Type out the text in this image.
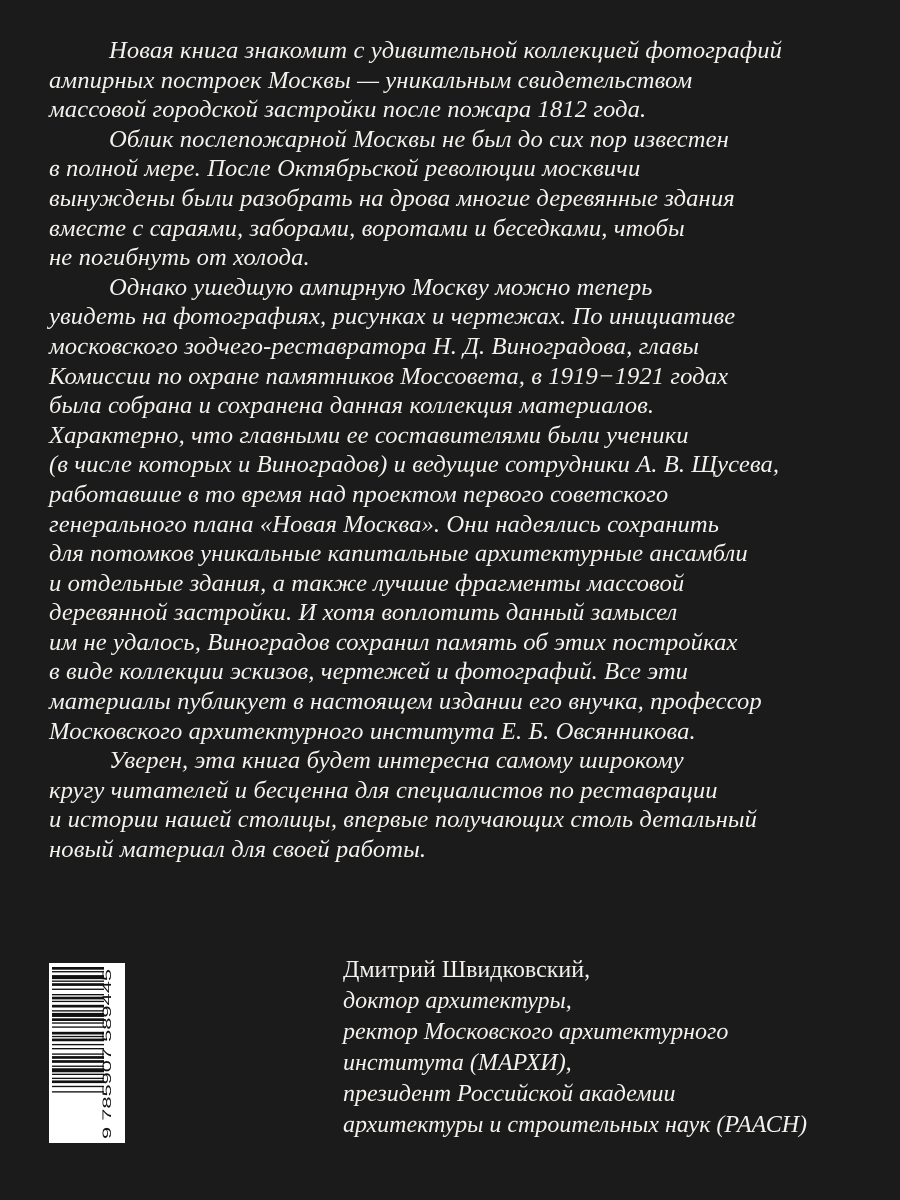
Новая книга знакомит с удивительной коллекцией фотографий
ампирных построек Москвы — уникальным свидетельством
массовой городской застройки после пожара 1812 года.

Облик послепожарной Москвы не был до сих пор известен
в полной мере. После Октябрьской революции москвичи
вынуждены были разобрать на дрова многие деревянные здания
вместе с сараями, заборами, воротами и беседками, чтобы
не погибнуть от холода.

Однако ушедшую ампирную Москву можно теперь
увидеть на фотографиях, рисунках и чертежах. По инициативе
московского зодчего-реставратора Н. Д. Виноградова, главы
Комиссии по охране памятников Моссовета, в 1919−1921 годах
была собрана и сохранена данная коллекция материалов.
Характерно, что главными ее составителями были ученики
(в числе которых и Виноградов) и ведущие сотрудники А. В. Щусева,
работавшие в то время над проектом первого советского
генерального плана «Новая Москва». Они надеялись сохранить
для потомков уникальные капитальные архитектурные ансамбли
и отдельные здания, а также лучшие фрагменты массовой
деревянной застройки. И хотя воплотить данный замысел
им не удалось, Виноградов сохранил память об этих постройках
в виде коллекции эскизов, чертежей и фотографий. Все эти
материалы публикует в настоящем издании его внучка, профессор
Московского архитектурного института Е. Б. Овсянникова.

Уверен, эта книга будет интересна самому широкому
кругу читателей и бесценна для специалистов по реставрации
и истории нашей столицы, впервые получающих столь детальный
новый материал для своей работы.

9 785907 589445
Дмитрий Швидковский,
доктор архитектуры,
ректор Московского архитектурного
института (МАРХИ),
президент Российской академии
архитектуры и строительных наук (РААСН)
